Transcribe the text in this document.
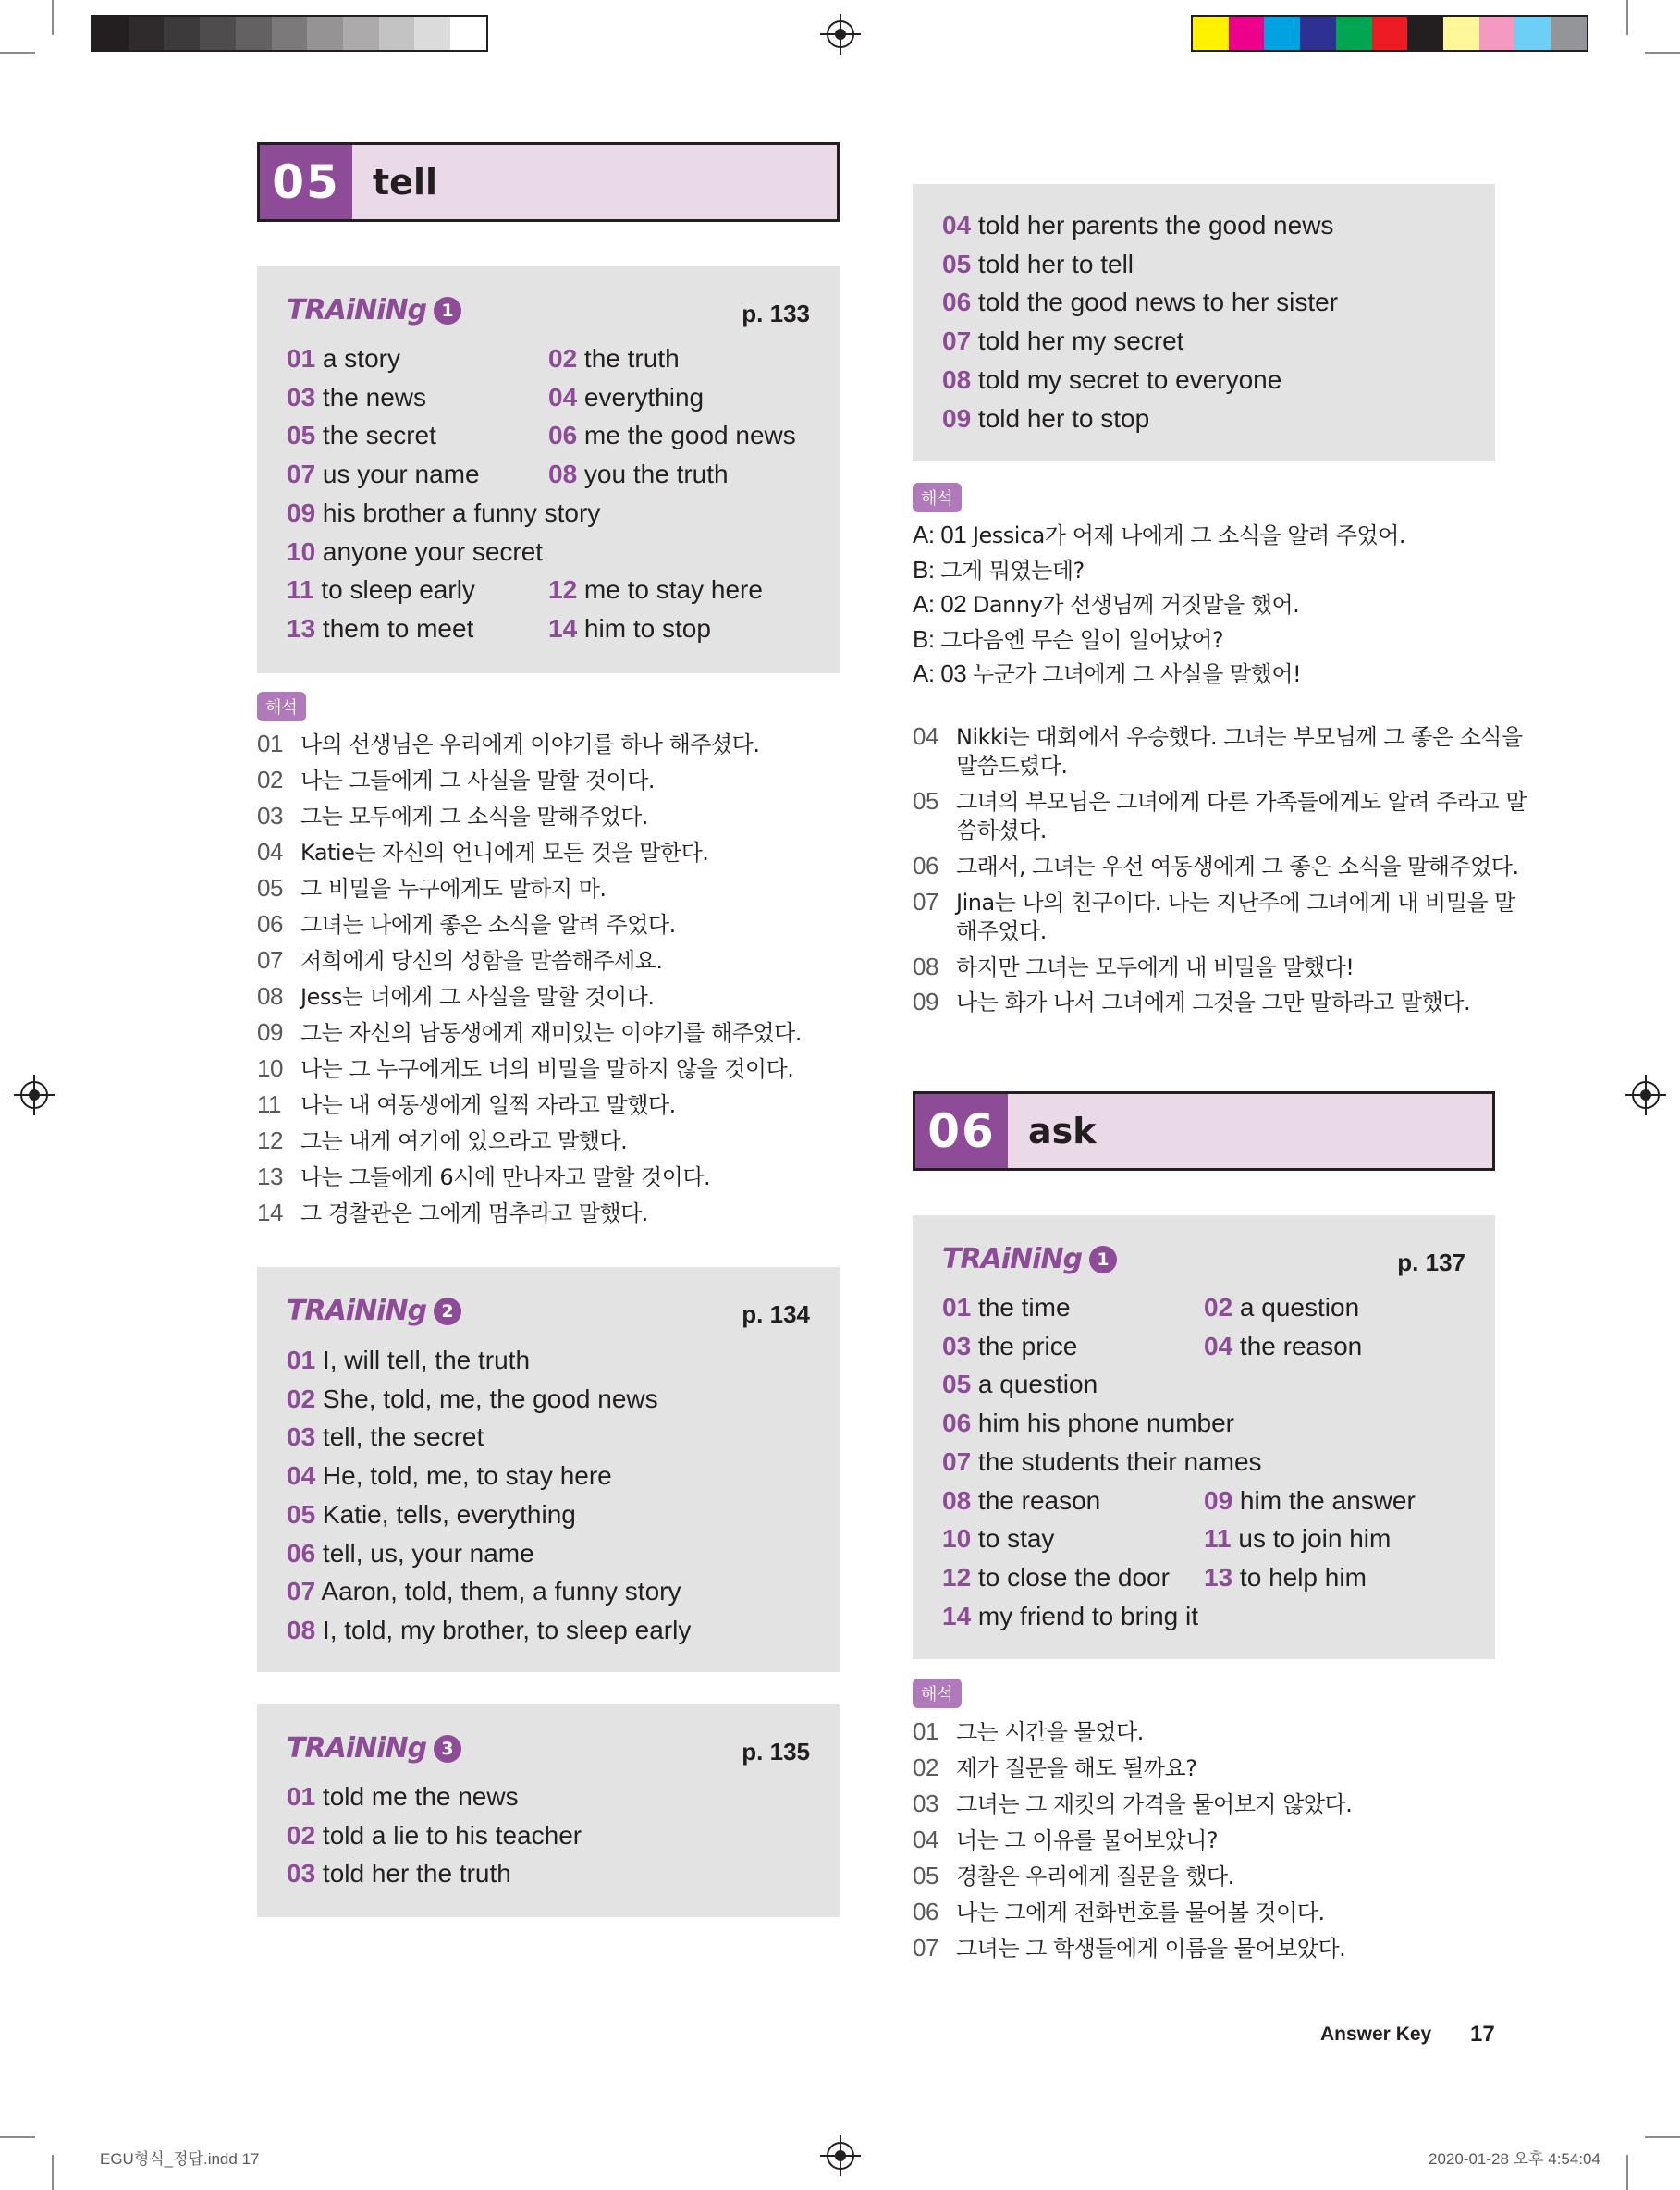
05 tell
TRAiNiNg 1	p. 133
01 a story	02 the truth
03 the news	04 everything
05 the secret	06 me the good news
07 us your name	08 you the truth
09 his brother a funny story
10 anyone your secret
11 to sleep early	12 me to stay here
13 them to meet	14 him to stop
해석
01 나의 선생님은 우리에게 이야기를 하나 해주셨다.
02 나는 그들에게 그 사실을 말할 것이다.
03 그는 모두에게 그 소식을 말해주었다.
04 Katie는 자신의 언니에게 모든 것을 말한다.
05 그 비밀을 누구에게도 말하지 마.
06 그녀는 나에게 좋은 소식을 알려 주었다.
07 저희에게 당신의 성함을 말씀해주세요.
08 Jess는 너에게 그 사실을 말할 것이다.
09 그는 자신의 남동생에게 재미있는 이야기를 해주었다.
10 나는 그 누구에게도 너의 비밀을 말하지 않을 것이다.
11 나는 내 여동생에게 일찍 자라고 말했다.
12 그는 내게 여기에 있으라고 말했다.
13 나는 그들에게 6시에 만나자고 말할 것이다.
14 그 경찰관은 그에게 멈추라고 말했다.
TRAiNiNg 2	p. 134
01 I, will tell, the truth
02 She, told, me, the good news
03 tell, the secret
04 He, told, me, to stay here
05 Katie, tells, everything
06 tell, us, your name
07 Aaron, told, them, a funny story
08 I, told, my brother, to sleep early
TRAiNiNg 3	p. 135
01 told me the news
02 told a lie to his teacher
03 told her the truth
04 told her parents the good news
05 told her to tell
06 told the good news to her sister
07 told her my secret
08 told my secret to everyone
09 told her to stop
해석
A: 01 Jessica가 어제 나에게 그 소식을 알려 주었어.
B: 그게 뭐였는데?
A: 02 Danny가 선생님께 거짓말을 했어.
B: 그다음엔 무슨 일이 일어났어?
A: 03 누군가 그녀에게 그 사실을 말했어!
04 Nikki는 대회에서 우승했다. 그녀는 부모님께 그 좋은 소식을
말씀드렸다.
05 그녀의 부모님은 그녀에게 다른 가족들에게도 알려 주라고 말
씀하셨다.
06 그래서, 그녀는 우선 여동생에게 그 좋은 소식을 말해주었다.
07 Jina는 나의 친구이다. 나는 지난주에 그녀에게 내 비밀을 말
해주었다.
08 하지만 그녀는 모두에게 내 비밀을 말했다!
09 나는 화가 나서 그녀에게 그것을 그만 말하라고 말했다.
06 ask
TRAiNiNg 1	p. 137
01 the time	02 a question
03 the price	04 the reason
05 a question
06 him his phone number
07 the students their names
08 the reason	09 him the answer
10 to stay	11 us to join him
12 to close the door 13 to help him
14 my friend to bring it
해석
01 그는 시간을 물었다.
02 제가 질문을 해도 될까요?
03 그녀는 그 재킷의 가격을 물어보지 않았다.
04 너는 그 이유를 물어보았니?
05 경찰은 우리에게 질문을 했다.
06 나는 그에게 전화번호를 물어볼 것이다.
07 그녀는 그 학생들에게 이름을 물어보았다.
Answer Key 17
EGU형식_정답.indd 17	2020-01-28 오후 4:54:04
